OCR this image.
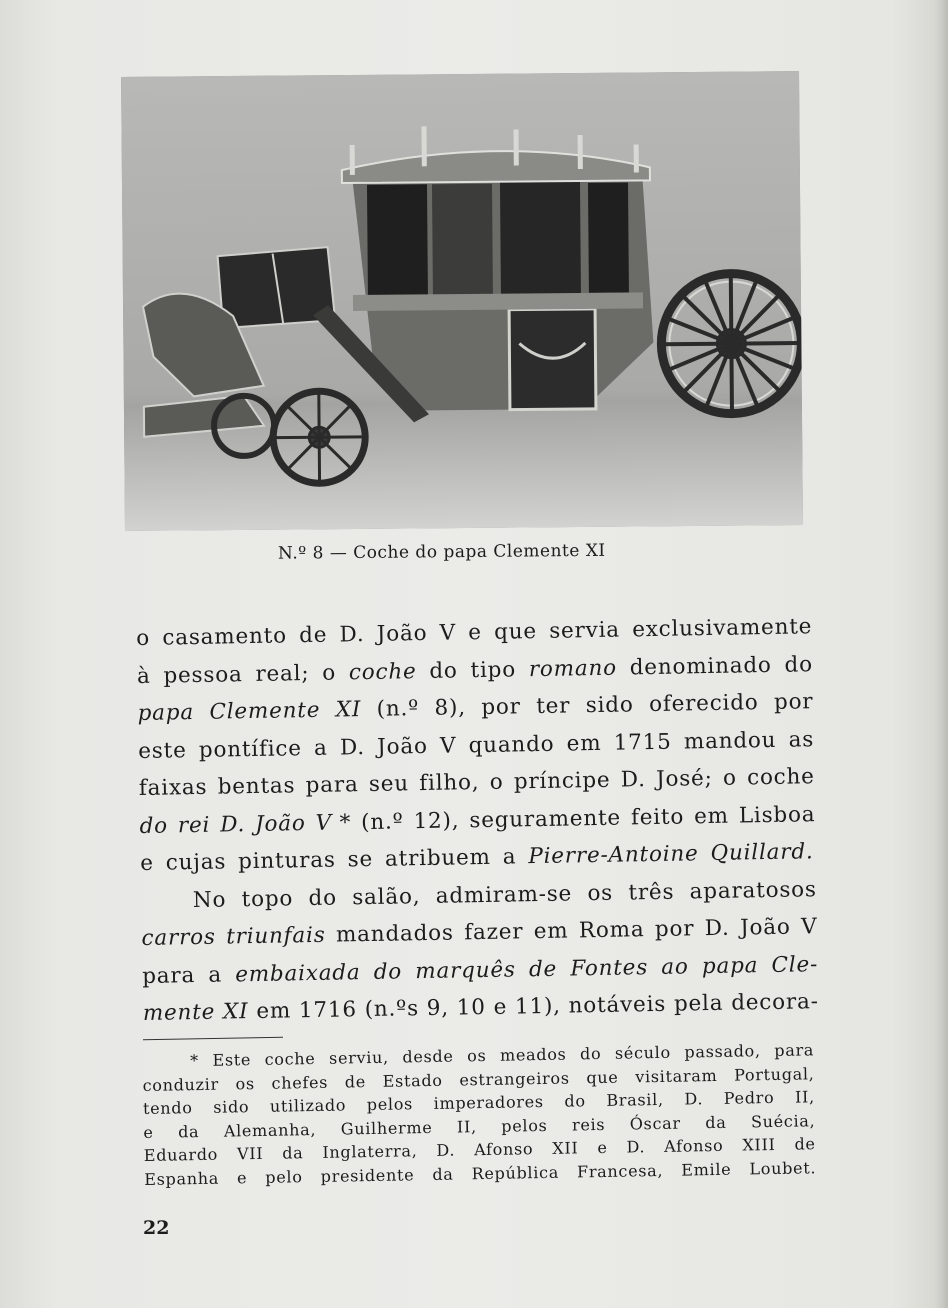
N.º 8 — Coche do papa Clemente XI
o casamento de D. João V e que servia exclusivamente
à pessoa real; o coche do tipo romano denominado do
papa Clemente XI (n.º 8), por ter sido oferecido por
este pontífice a D. João V quando em 1715 mandou as
faixas bentas para seu filho, o príncipe D. José; o coche
do rei D. João V * (n.º 12), seguramente feito em Lisboa
e cujas pinturas se atribuem a Pierre-Antoine Quillard.
No topo do salão, admiram-se os três aparatosos
carros triunfais mandados fazer em Roma por D. João V
para a embaixada do marquês de Fontes ao papa Cle-
mente XI em 1716 (n.ºs 9, 10 e 11), notáveis pela decora-
* Este coche serviu, desde os meados do século passado, para
conduzir os chefes de Estado estrangeiros que visitaram Portugal,
tendo sido utilizado pelos imperadores do Brasil, D. Pedro II,
e da Alemanha, Guilherme II, pelos reis Óscar da Suécia,
Eduardo VII da Inglaterra, D. Afonso XII e D. Afonso XIII de
Espanha e pelo presidente da República Francesa, Emile Loubet.
22
